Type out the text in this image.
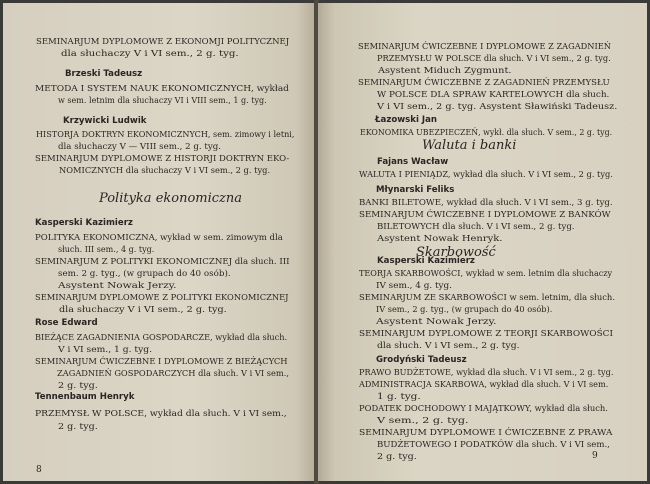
SEMINARJUM DYPLOMOWE Z EKONOMJI POLITYCZNEJ
dla słuchaczy V i VI sem., 2 g. tyg.
Brzeski Tadeusz
METODA I SYSTEM NAUK EKONOMICZNYCH, wykład
w sem. letnim dla słuchaczy VI i VIII sem., 1 g. tyg.
Krzywicki Ludwik
HISTORJA DOKTRYN EKONOMICZNYCH, sem. zimowy i letni,
dla słuchaczy V — VIII sem., 2 g. tyg.
SEMINARJUM DYPLOMOWE Z HISTORJI DOKTRYN EKO-
NOMICZNYCH dla słuchaczy V i VI sem., 2 g. tyg.
Polityka ekonomiczna
Kasperski Kazimierz
POLITYKA EKONOMICZNA, wykład w sem. zimowym dla
słuch. III sem., 4 g. tyg.
SEMINARJUM Z POLITYKI EKONOMICZNEJ dla słuch. III
sem. 2 g. tyg., (w grupach do 40 osób).
Asystent Nowak Jerzy.
SEMINARJUM DYPLOMOWE Z POLITYKI EKONOMICZNEJ
dla słuchaczy V i VI sem., 2 g. tyg.
Rose Edward
BIEŻĄCE ZAGADNIENIA GOSPODARCZE, wykład dla słuch.
V i VI sem., 1 g. tyg.
SEMINARJUM ĆWICZEBNE I DYPLOMOWE Z BIEŻĄCYCH
ZAGADNIEŃ GOSPODARCZYCH dla słuch. V i VI sem.,
2 g. tyg.
Tennenbaum Henryk
PRZEMYSŁ W POLSCE, wykład dla słuch. V i VI sem.,
2 g. tyg.
8
SEMINARJUM ĆWICZEBNE I DYPLOMOWE Z ZAGADNIEŃ
PRZEMYSŁU W POLSCE dla słuch. V i VI sem., 2 g. tyg.
Asystent Miduch Zygmunt.
SEMINARJUM ĆWICZEBNE Z ZAGADNIEŃ PRZEMYSŁU
W POLSCE DLA SPRAW KARTELOWYCH dla słuch.
V i VI sem., 2 g. tyg. Asystent Sławiński Tadeusz.
Łazowski Jan
EKONOMIKA UBEZPIECZEŃ, wykł. dla słuch. V sem., 2 g. tyg.
Waluta i banki
Fajans Wacław
WALUTA I PIENIĄDZ, wykład dla słuch. V i VI sem., 2 g. tyg.
Młynarski Feliks
BANKI BILETOWE, wykład dla słuch. V i VI sem., 3 g. tyg.
SEMINARJUM ĆWICZEBNE I DYPLOMOWE Z BANKÓW
BILETOWYCH dla słuch. V i VI sem., 2 g. tyg.
Asystent Nowak Henryk.
Skarbowość
Kasperski Kazimierz
TEORJA SKARBOWOŚCI, wykład w sem. letnim dla słuchaczy
IV sem., 4 g. tyg.
SEMINARJUM ZE SKARBOWOŚCI w sem. letnim, dla słuch.
IV sem., 2 g. tyg., (w grupach do 40 osób).
Asystent Nowak Jerzy.
SEMINARJUM DYPLOMOWE Z TEORJI SKARBOWOŚCI
dla słuch. V i VI sem., 2 g. tyg.
Grodyński Tadeusz
PRAWO BUDŻETOWE, wykład dla słuch. V i VI sem., 2 g. tyg.
ADMINISTRACJA SKARBOWA, wykład dla słuch. V i VI sem.
1 g. tyg.
PODATEK DOCHODOWY I MAJĄTKOWY, wykład dla słuch.
V sem., 2 g. tyg.
SEMINARJUM DYPLOMOWE I ĆWICZEBNE Z PRAWA
BUDŻETOWEGO I PODATKÓW dla słuch. V i VI sem.,
2 g. tyg.	9
